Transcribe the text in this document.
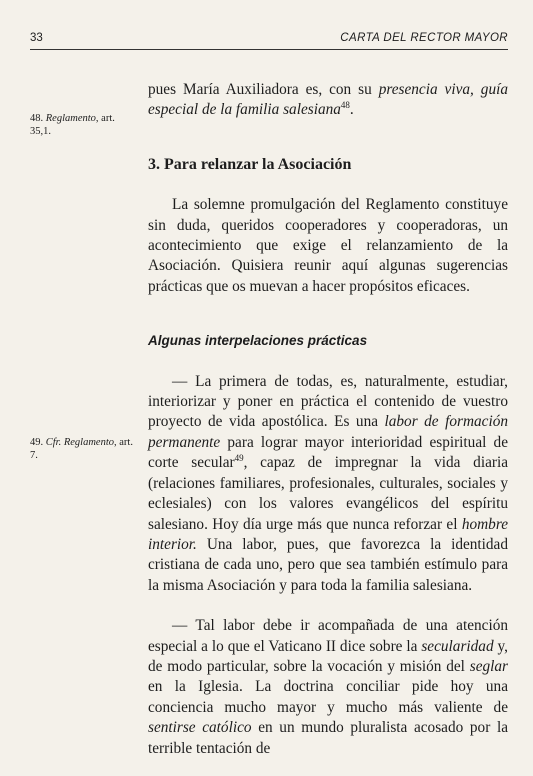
33	CARTA DEL RECTOR MAYOR
48. Reglamento, art. 35,1.
49. Cfr. Reglamento, art. 7.

pues María Auxiliadora es, con su presencia viva, guía especial de la familia salesiana$^{48}$.

3. Para relanzar la Asociación

La solemne promulgación del Reglamento constituye sin duda, queridos cooperadores y cooperadoras, un acontecimiento que exige el relanzamiento de la Asociación. Quisiera reunir aquí algunas sugerencias prácticas que os muevan a hacer propósitos eficaces.

Algunas interpelaciones prácticas

— La primera de todas, es, naturalmente, estudiar, interiorizar y poner en práctica el contenido de vuestro proyecto de vida apostólica. Es una labor de formación permanente para lograr mayor interioridad espiritual de corte secular$^{49}$, capaz de impregnar la vida diaria (relaciones familiares, profesionales, culturales, sociales y eclesiales) con los valores evangélicos del espíritu salesiano. Hoy día urge más que nunca reforzar el hombre interior. Una labor, pues, que favorezca la identidad cristiana de cada uno, pero que sea también estímulo para la misma Asociación y para toda la familia salesiana.

— Tal labor debe ir acompañada de una atención especial a lo que el Vaticano II dice sobre la secularidad y, de modo particular, sobre la vocación y misión del seglar en la Iglesia. La doctrina conciliar pide hoy una conciencia mucho mayor y mucho más valiente de sentirse católico en un mundo pluralista acosado por la terrible tentación de
